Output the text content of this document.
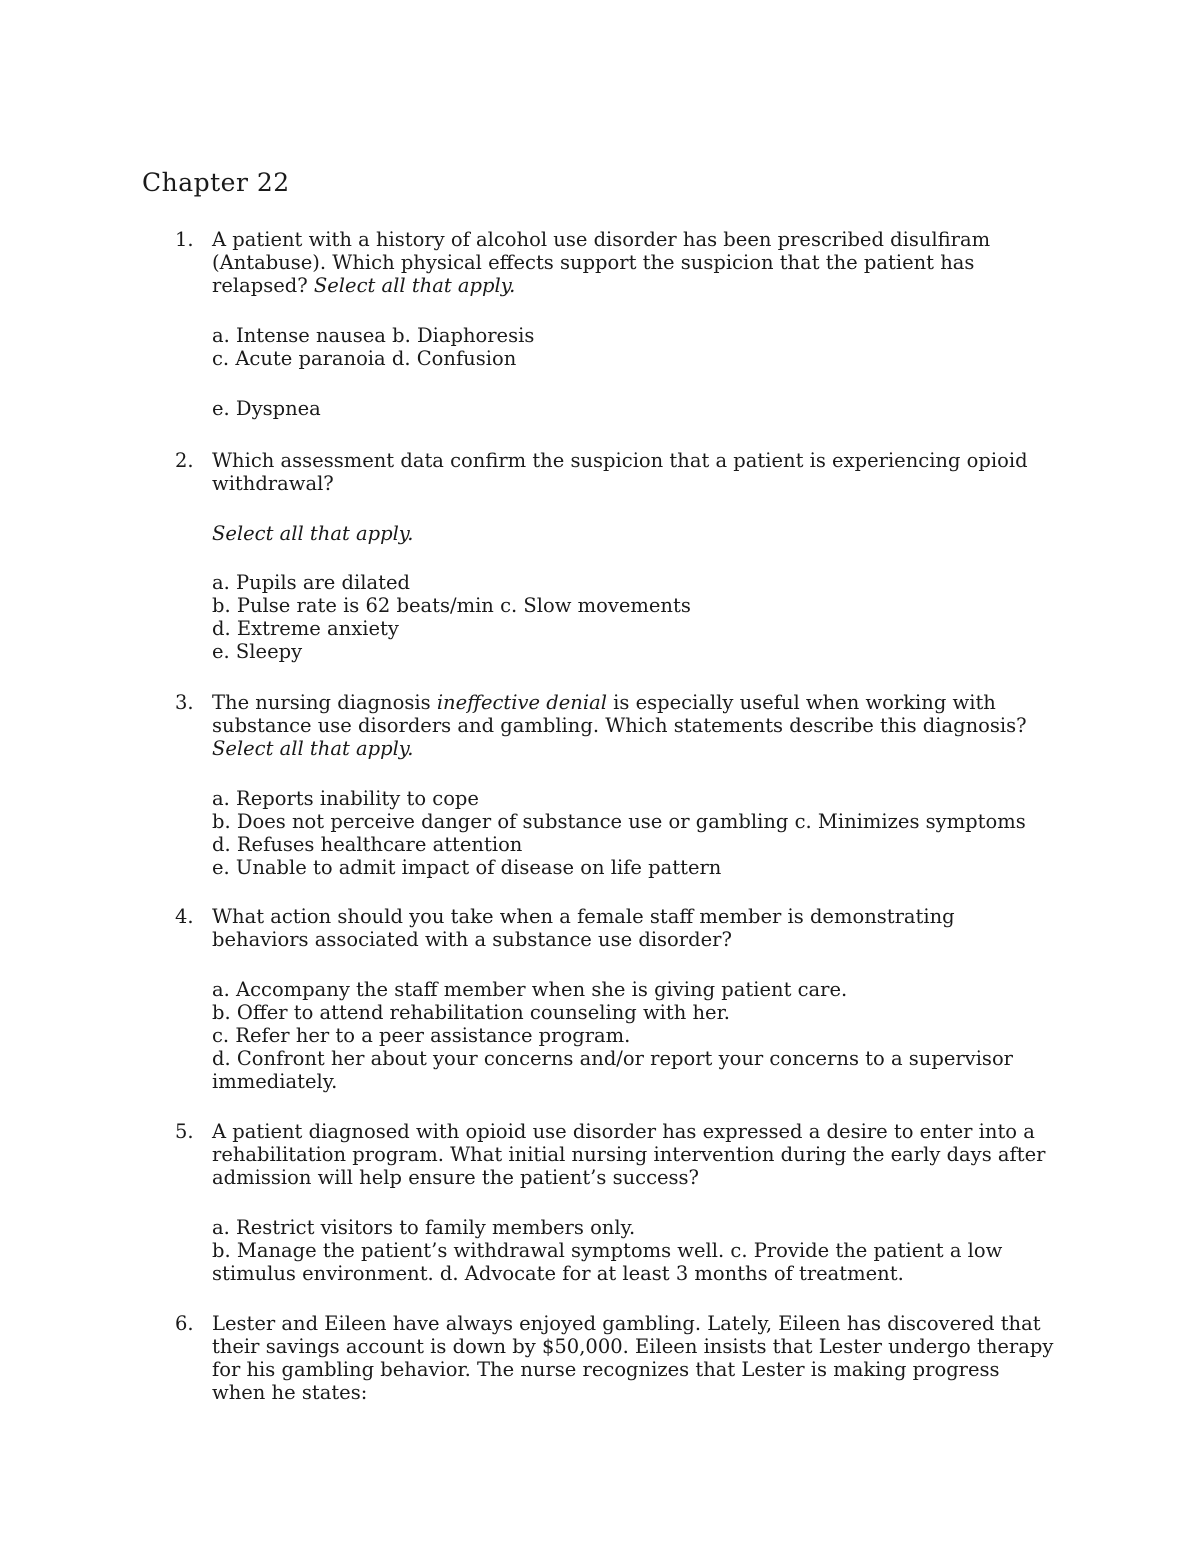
Chapter 22
1. A patient with a history of alcohol use disorder has been prescribed disulfiram
(Antabuse). Which physical effects support the suspicion that the patient has
relapsed? Select all that apply.
a. Intense nausea b. Diaphoresis
c. Acute paranoia d. Confusion
e. Dyspnea
2. Which assessment data confirm the suspicion that a patient is experiencing opioid
withdrawal?
Select all that apply.
a. Pupils are dilated
b. Pulse rate is 62 beats/min c. Slow movements
d. Extreme anxiety
e. Sleepy
3. The nursing diagnosis ineffective denial is especially useful when working with
substance use disorders and gambling. Which statements describe this diagnosis?
Select all that apply.
a. Reports inability to cope
b. Does not perceive danger of substance use or gambling c. Minimizes symptoms
d. Refuses healthcare attention
e. Unable to admit impact of disease on life pattern
4. What action should you take when a female staff member is demonstrating
behaviors associated with a substance use disorder?
a. Accompany the staff member when she is giving patient care.
b. Offer to attend rehabilitation counseling with her.
c. Refer her to a peer assistance program.
d. Confront her about your concerns and/or report your concerns to a supervisor
immediately.
5. A patient diagnosed with opioid use disorder has expressed a desire to enter into a
rehabilitation program. What initial nursing intervention during the early days after
admission will help ensure the patient’s success?
a. Restrict visitors to family members only.
b. Manage the patient’s withdrawal symptoms well. c. Provide the patient a low
stimulus environment. d. Advocate for at least 3 months of treatment.
6. Lester and Eileen have always enjoyed gambling. Lately, Eileen has discovered that
their savings account is down by $50,000. Eileen insists that Lester undergo therapy
for his gambling behavior. The nurse recognizes that Lester is making progress
when he states:
